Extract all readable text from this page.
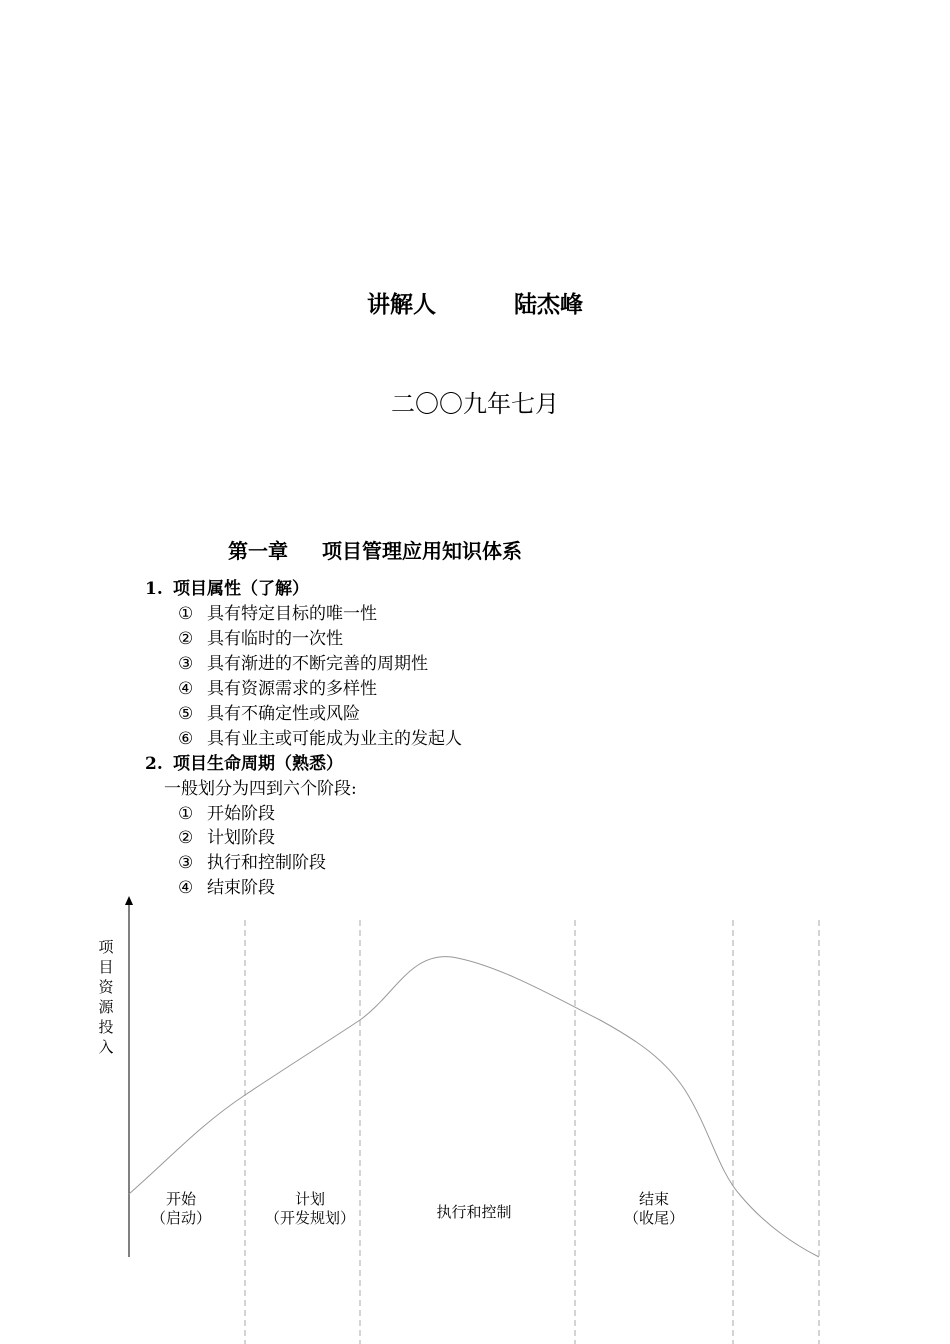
讲解人	陆杰峰
二〇〇九年七月
第一章 项目管理应用知识体系
1. 项目属性（了解）
① 具有特定目标的唯一性
② 具有临时的一次性
③ 具有渐进的不断完善的周期性
④ 具有资源需求的多样性
⑤ 具有不确定性或风险
⑥ 具有业主或可能成为业主的发起人
2. 项目生命周期（熟悉）
一般划分为四到六个阶段:
① 开始阶段
② 计划阶段
③ 执行和控制阶段
④ 结束阶段
项
目
资
源
投
入
开始
（启动）
计划
（开发规划）	执行和控制
结束
（收尾）
